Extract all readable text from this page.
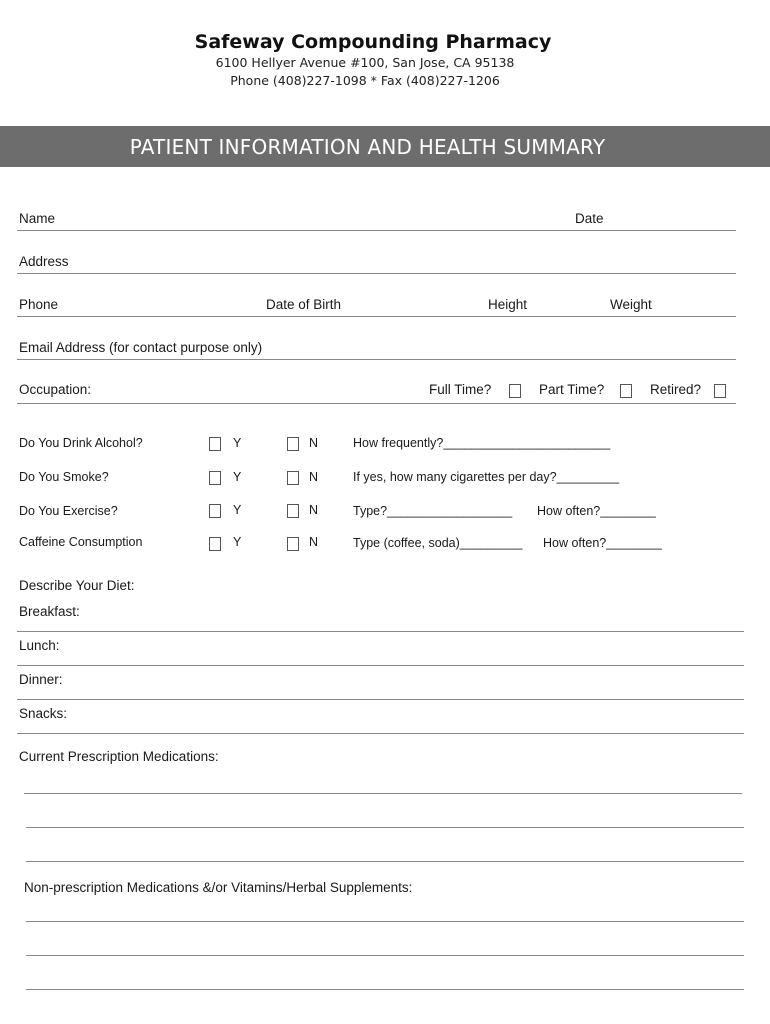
Safeway Compounding Pharmacy
6100 Hellyer Avenue #100, San Jose, CA 95138
Phone (408)227-1098 * Fax (408)227-1206
PATIENT INFORMATION AND HEALTH SUMMARY
Name	Date
Address
Phone	Date of Birth	Height	Weight
Email Address (for contact purpose only)
Occupation:	Full Time?	Part Time?	Retired?
Do You Drink Alcohol?	Y	N	How frequently?________________________
Do You Smoke?	Y	N	If yes, how many cigarettes per day?_________
Do You Exercise?	Y	N	Type?__________________ How often?________
Caffeine Consumption	Y	N	Type (coffee, soda)_________ How often?________
Describe Your Diet:
Breakfast:
Lunch:
Dinner:
Snacks:
Current Prescription Medications:
Non-prescription Medications &/or Vitamins/Herbal Supplements:
